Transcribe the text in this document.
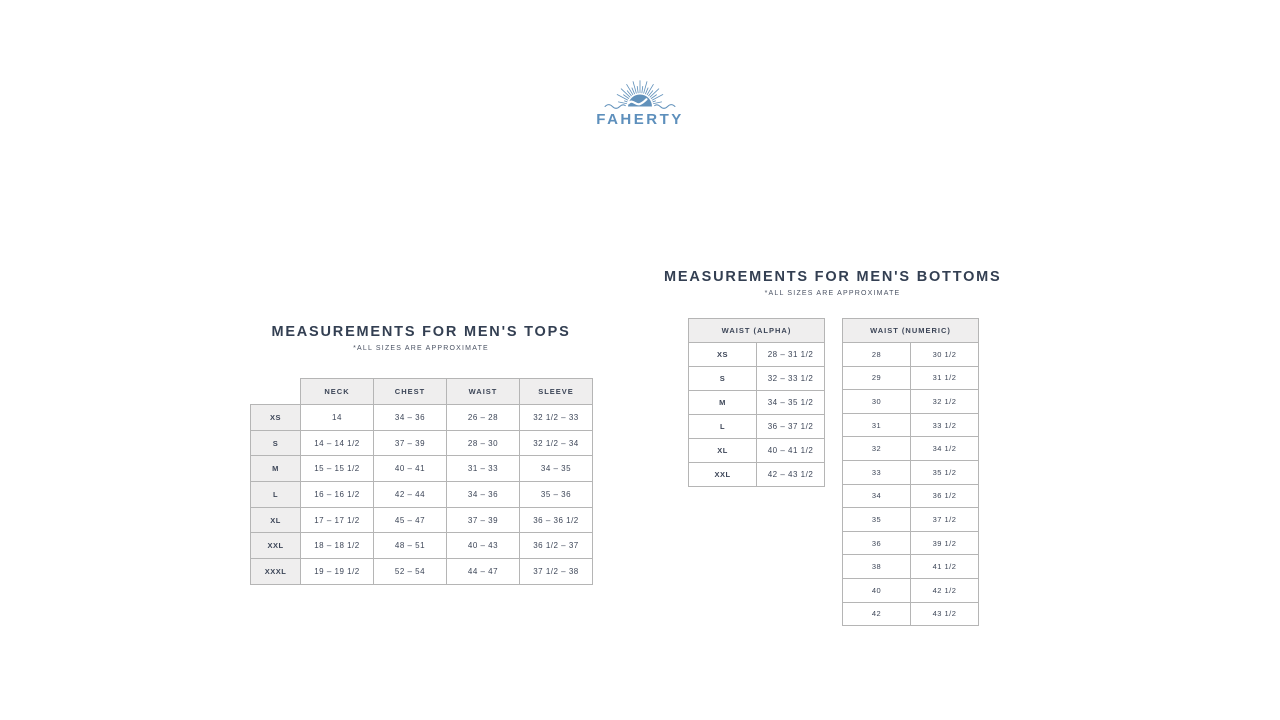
FAHERTY
MEASUREMENTS FOR MEN'S TOPS
*ALL SIZES ARE APPROXIMATE
	NECK	CHEST	WAIST	SLEEVE
XS	14	34 – 36	26 – 28	32 1/2 – 33
S	14 – 14 1/2	37 – 39	28 – 30	32 1/2 – 34
M	15 – 15 1/2	40 – 41	31 – 33	34 – 35
L	16 – 16 1/2	42 – 44	34 – 36	35 – 36
XL	17 – 17 1/2	45 – 47	37 – 39	36 – 36 1/2
XXL	18 – 18 1/2	48 – 51	40 – 43	36 1/2 – 37
XXXL	19 – 19 1/2	52 – 54	44 – 47	37 1/2 – 38
MEASUREMENTS FOR MEN'S BOTTOMS
*ALL SIZES ARE APPROXIMATE
WAIST (ALPHA)	
XS	28 – 31 1/2
S	32 – 33 1/2
M	34 – 35 1/2
L	36 – 37 1/2
XL	40 – 41 1/2
XXL	42 – 43 1/2
WAIST (NUMERIC)	
28	30 1/2
29	31 1/2
30	32 1/2
31	33 1/2
32	34 1/2
33	35 1/2
34	36 1/2
35	37 1/2
36	39 1/2
38	41 1/2
40	42 1/2
42	43 1/2
